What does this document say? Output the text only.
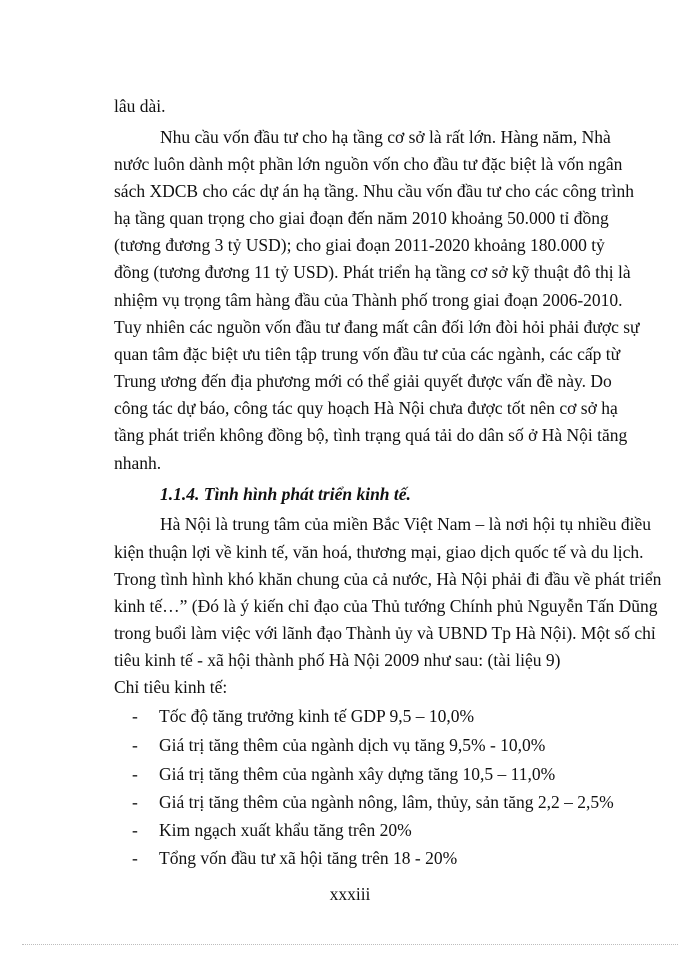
lâu dài.
Nhu cầu vốn đầu tư cho hạ tầng cơ sở là rất lớn. Hàng năm, Nhà
nước luôn dành một phần lớn nguồn vốn cho đầu tư đặc biệt là vốn ngân
sách XDCB cho các dự án hạ tầng. Nhu cầu vốn đầu tư cho các công trình
hạ tầng quan trọng cho giai đoạn đến năm 2010 khoảng 50.000 tỉ đồng
(tương đương 3 tỷ USD); cho giai đoạn 2011-2020 khoảng 180.000 tỷ
đồng (tương đương 11 tỷ USD). Phát triển hạ tầng cơ sở kỹ thuật đô thị là
nhiệm vụ trọng tâm hàng đầu của Thành phố trong giai đoạn 2006-2010.
Tuy nhiên các nguồn vốn đầu tư đang mất cân đối lớn đòi hỏi phải được sự
quan tâm đặc biệt ưu tiên tập trung vốn đầu tư của các ngành, các cấp từ
Trung ương đến địa phương mới có thể giải quyết được vấn đề này. Do
công tác dự báo, công tác quy hoạch Hà Nội chưa được tốt nên cơ sở hạ
tầng phát triển không đồng bộ, tình trạng quá tải do dân số ở Hà Nội tăng
nhanh.
1.1.4. Tình hình phát triển kinh tế.
Hà Nội là trung tâm của miền Bắc Việt Nam – là nơi hội tụ nhiều điều
kiện thuận lợi về kinh tế, văn hoá, thương mại, giao dịch quốc tế và du lịch.
Trong tình hình khó khăn chung của cả nước, Hà Nội phải đi đầu về phát triển
kinh tế…” (Đó là ý kiến chỉ đạo của Thủ tướng Chính phủ Nguyễn Tấn Dũng
trong buổi làm việc với lãnh đạo Thành ủy và UBND Tp Hà Nội). Một số chỉ
tiêu kinh tế - xã hội thành phố Hà Nội 2009 như sau: (tài liệu 9)
Chỉ tiêu kinh tế:
- Tốc độ tăng trưởng kinh tế GDP 9,5 – 10,0%
- Giá trị tăng thêm của ngành dịch vụ tăng 9,5% - 10,0%
- Giá trị tăng thêm của ngành xây dựng tăng 10,5 – 11,0%
- Giá trị tăng thêm của ngành nông, lâm, thủy, sản tăng 2,2 – 2,5%
- Kim ngạch xuất khẩu tăng trên 20%
- Tổng vốn đầu tư xã hội tăng trên 18 - 20%
xxxiii
